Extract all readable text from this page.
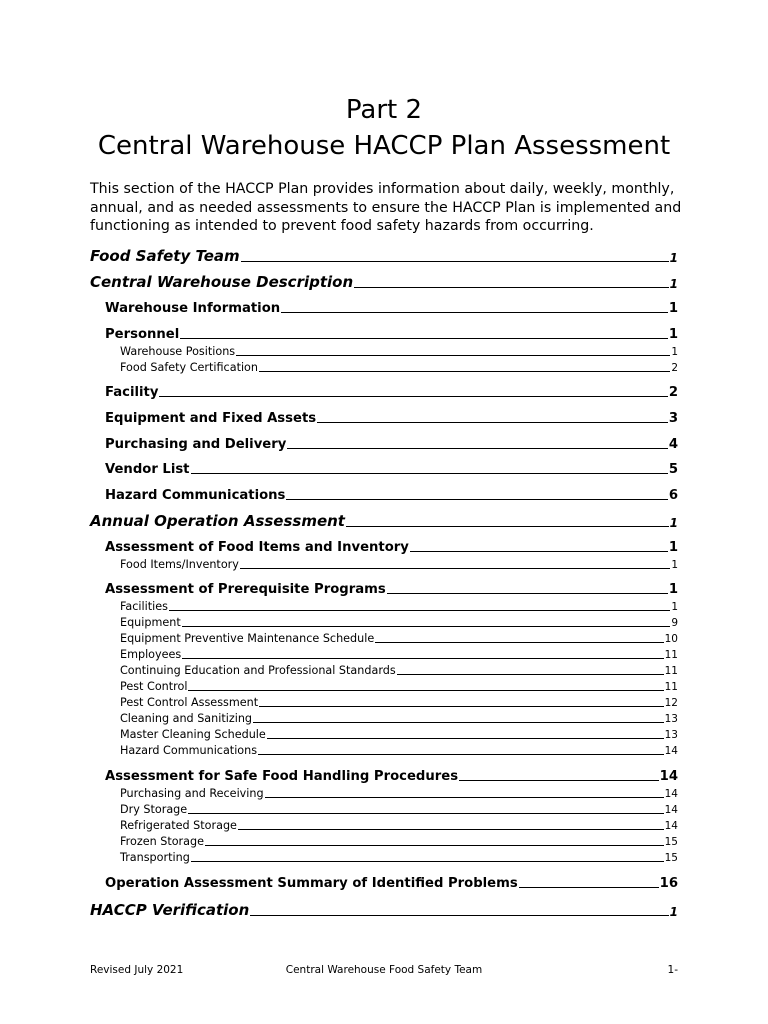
Part 2
Central Warehouse HACCP Plan Assessment

This section of the HACCP Plan provides information about daily, weekly, monthly, annual, and as needed assessments to ensure the HACCP Plan is implemented and functioning as intended to prevent food safety hazards from occurring.

Food Safety Team	1
Central Warehouse Description	1
Warehouse Information	1
Personnel	1
Warehouse Positions	1
Food Safety Certification	2
Facility	2
Equipment and Fixed Assets	3
Purchasing and Delivery	4
Vendor List	5
Hazard Communications	6
Annual Operation Assessment	1
Assessment of Food Items and Inventory	1
Food Items/Inventory	1
Assessment of Prerequisite Programs	1
Facilities	1
Equipment	9
Equipment Preventive Maintenance Schedule	10
Employees	11
Continuing Education and Professional Standards	11
Pest Control	11
Pest Control Assessment	12
Cleaning and Sanitizing	13
Master Cleaning Schedule	13
Hazard Communications	14
Assessment for Safe Food Handling Procedures	14
Purchasing and Receiving	14
Dry Storage	14
Refrigerated Storage	14
Frozen Storage	15
Transporting	15
Operation Assessment Summary of Identified Problems	16
HACCP Verification	1
Revised July 2021	Central Warehouse Food Safety Team	1-
